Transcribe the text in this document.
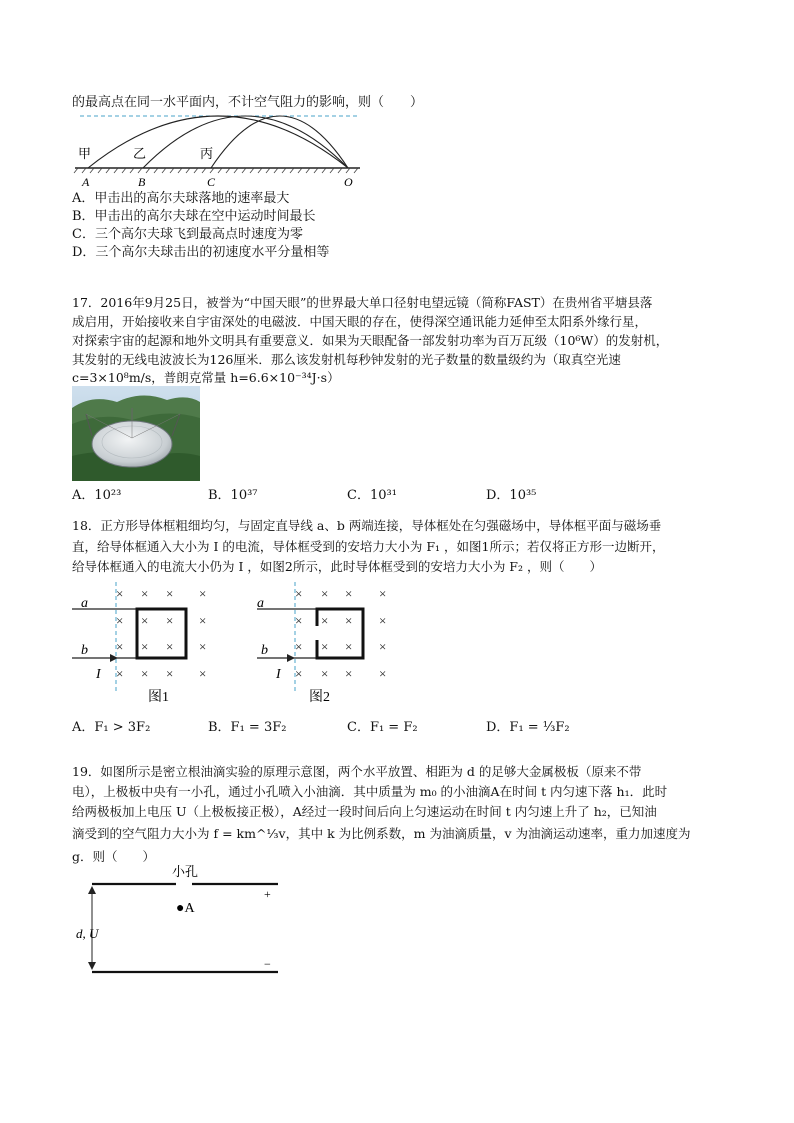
的最高点在同一水平面内，不计空气阻力的影响，则（　　）
甲	乙	丙
A	B	C	O
A．甲击出的高尔夫球落地的速率最大
B．甲击出的高尔夫球在空中运动时间最长
C．三个高尔夫球飞到最高点时速度为零
D．三个高尔夫球击出的初速度水平分量相等
17．2016年9月25日，被誉为“中国天眼”的世界最大单口径射电望远镜（简称FAST）在贵州省平塘县落
成启用，开始接收来自宇宙深处的电磁波．中国天眼的存在，使得深空通讯能力延伸至太阳系外缘行星，
对探索宇宙的起源和地外文明具有重要意义．如果为天眼配备一部发射功率为百万瓦级（10⁶W）的发射机，
其发射的无线电波波长为126厘米．那么该发射机每秒钟发射的光子数量的数量级约为（取真空光速
c=3×10⁸m/s，普朗克常量 h=6.6×10⁻³⁴J·s）
A．10²³	B．10³⁷	C．10³¹	D．10³⁵
18．正方形导体框粗细均匀，与固定直导线 a、b 两端连接，导体框处在匀强磁场中，导体框平面与磁场垂
直，给导体框通入大小为 I 的电流，导体框受到的安培力大小为 F₁ ，如图1所示；若仅将正方形一边断开，
给导体框通入的电流大小仍为 I ，如图2所示，此时导体框受到的安培力大小为 F₂ ，则（　　）
a
b
I
× × × ×
× × × ×
× × × ×
× × × ×
图1
a
b
I
× × × ×
× × × ×
× × × ×
× × × ×
图2
A．F₁ > 3F₂	B．F₁ = 3F₂	C．F₁ = F₂	D．F₁ = ⅓F₂
19．如图所示是密立根油滴实验的原理示意图，两个水平放置、相距为 d 的足够大金属极板（原来不带
电），上极板中央有一小孔，通过小孔喷入小油滴．其中质量为 m₀ 的小油滴A在时间 t 内匀速下落 h₁．此时
给两极板加上电压 U（上极板接正极），A经过一段时间后向上匀速运动在时间 t 内匀速上升了 h₂，已知油
滴受到的空气阻力大小为 f = km^⅓v，其中 k 为比例系数，m 为油滴质量，v 为油滴运动速率，重力加速度为
g．则（　　）
d, U
小孔
●A
+
−
